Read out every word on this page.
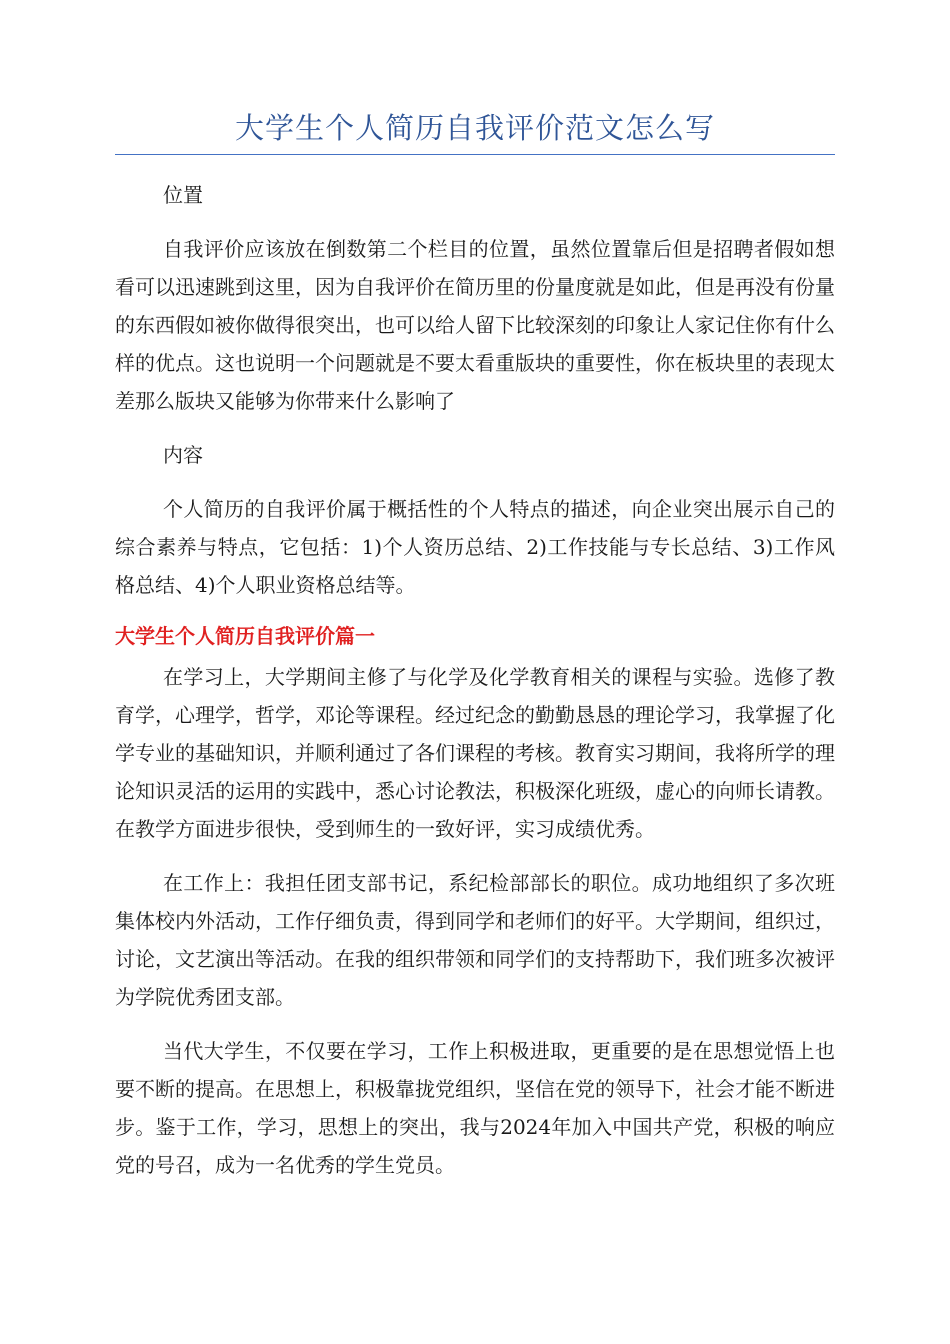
大学生个人简历自我评价范文怎么写

位置

自我评价应该放在倒数第二个栏目的位置，虽然位置靠后但是招聘者假如想看可以迅速跳到这里，因为自我评价在简历里的份量度就是如此，但是再没有份量的东西假如被你做得很突出，也可以给人留下比较深刻的印象让人家记住你有什么样的优点。这也说明一个问题就是不要太看重版块的重要性，你在板块里的表现太差那么版块又能够为你带来什么影响了

内容

个人简历的自我评价属于概括性的个人特点的描述，向企业突出展示自己的综合素养与特点，它包括：1)个人资历总结、2)工作技能与专长总结、3)工作风格总结、4)个人职业资格总结等。

大学生个人简历自我评价篇一

在学习上，大学期间主修了与化学及化学教育相关的课程与实验。选修了教育学，心理学，哲学，邓论等课程。经过纪念的勤勤恳恳的理论学习，我掌握了化学专业的基础知识，并顺利通过了各们课程的考核。教育实习期间，我将所学的理论知识灵活的运用的实践中，悉心讨论教法，积极深化班级，虚心的向师长请教。在教学方面进步很快，受到师生的一致好评，实习成绩优秀。

在工作上：我担任团支部书记，系纪检部部长的职位。成功地组织了多次班集体校内外活动，工作仔细负责，得到同学和老师们的好平。大学期间，组织过，讨论，文艺演出等活动。在我的组织带领和同学们的支持帮助下，我们班多次被评为学院优秀团支部。

当代大学生，不仅要在学习，工作上积极进取，更重要的是在思想觉悟上也要不断的提高。在思想上，积极靠拢党组织，坚信在党的领导下，社会才能不断进步。鉴于工作，学习，思想上的突出，我与2024年加入中国共产党，积极的响应党的号召，成为一名优秀的学生党员。
